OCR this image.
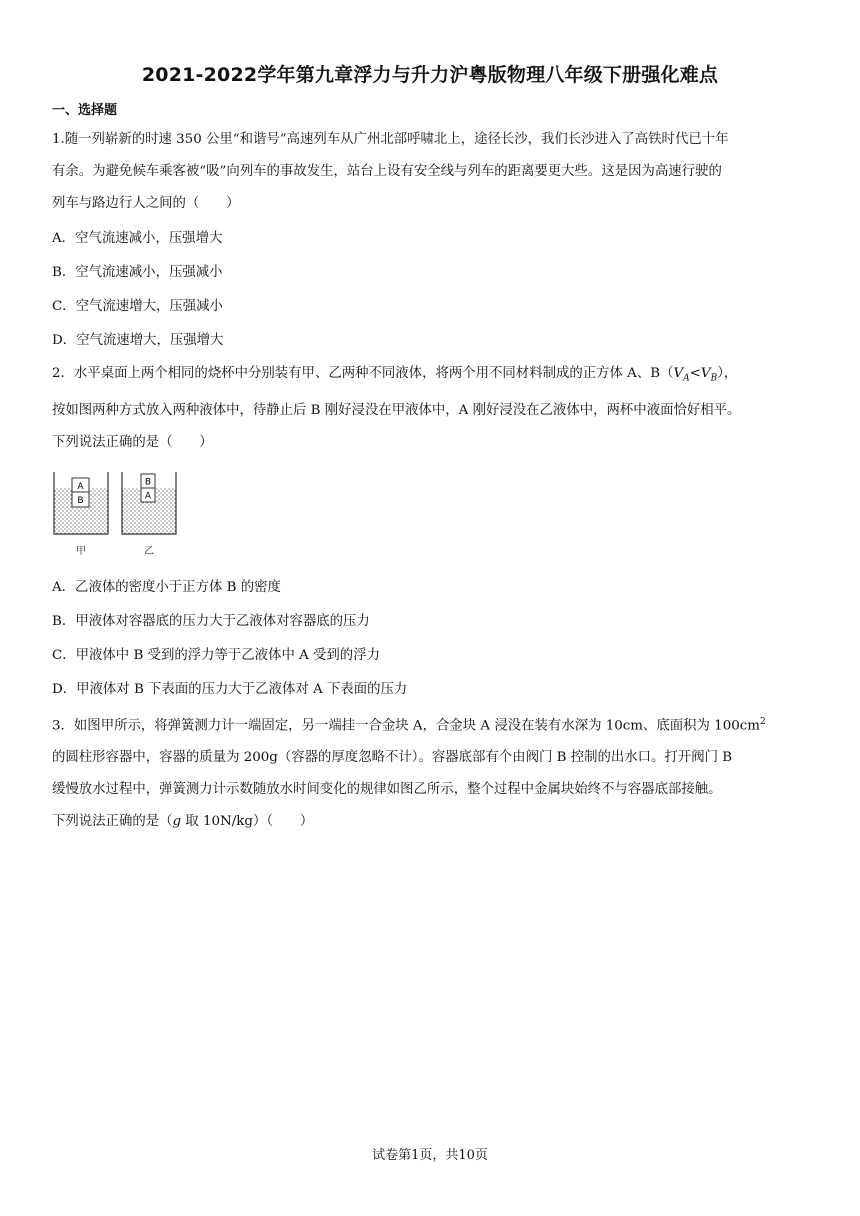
2021-2022学年第九章浮力与升力沪粤版物理八年级下册强化难点
一、选择题
1.随一列崭新的时速 350 公里“和谐号”高速列车从广州北部呼啸北上，途径长沙，我们长沙进入了高铁时代已十年
有余。为避免候车乘客被“吸”向列车的事故发生，站台上设有安全线与列车的距离要更大些。这是因为高速行驶的
列车与路边行人之间的（　　）
A．空气流速减小，压强增大
B．空气流速减小，压强减小
C．空气流速增大，压强减小
D．空气流速增大，压强增大
2．水平桌面上两个相同的烧杯中分别装有甲、乙两种不同液体，将两个用不同材料制成的正方体 A、$B(V_A<V_B)$，
按如图两种方式放入两种液体中，待静止后 B 刚好浸没在甲液体中，A 刚好浸没在乙液体中，两杯中液面恰好相平。
下列说法正确的是（　　）
A
B
B
A
甲	乙
A．乙液体的密度小于正方体 B 的密度
B．甲液体对容器底的压力大于乙液体对容器底的压力
C．甲液体中 B 受到的浮力等于乙液体中 A 受到的浮力
D．甲液体对 B 下表面的压力大于乙液体对 A 下表面的压力
3．如图甲所示，将弹簧测力计一端固定，另一端挂一合金块 A，合金块 A 浸没在装有水深为 10cm、底面积为 $100cm^2$
的圆柱形容器中，容器的质量为 200g（容器的厚度忽略不计）。容器底部有个由阀门 B 控制的出水口。打开阀门 B
缓慢放水过程中，弹簧测力计示数随放水时间变化的规律如图乙所示，整个过程中金属块始终不与容器底部接触。
下列说法正确的是（g 取 10N/kg）（　　）
试卷第1页，共10页
